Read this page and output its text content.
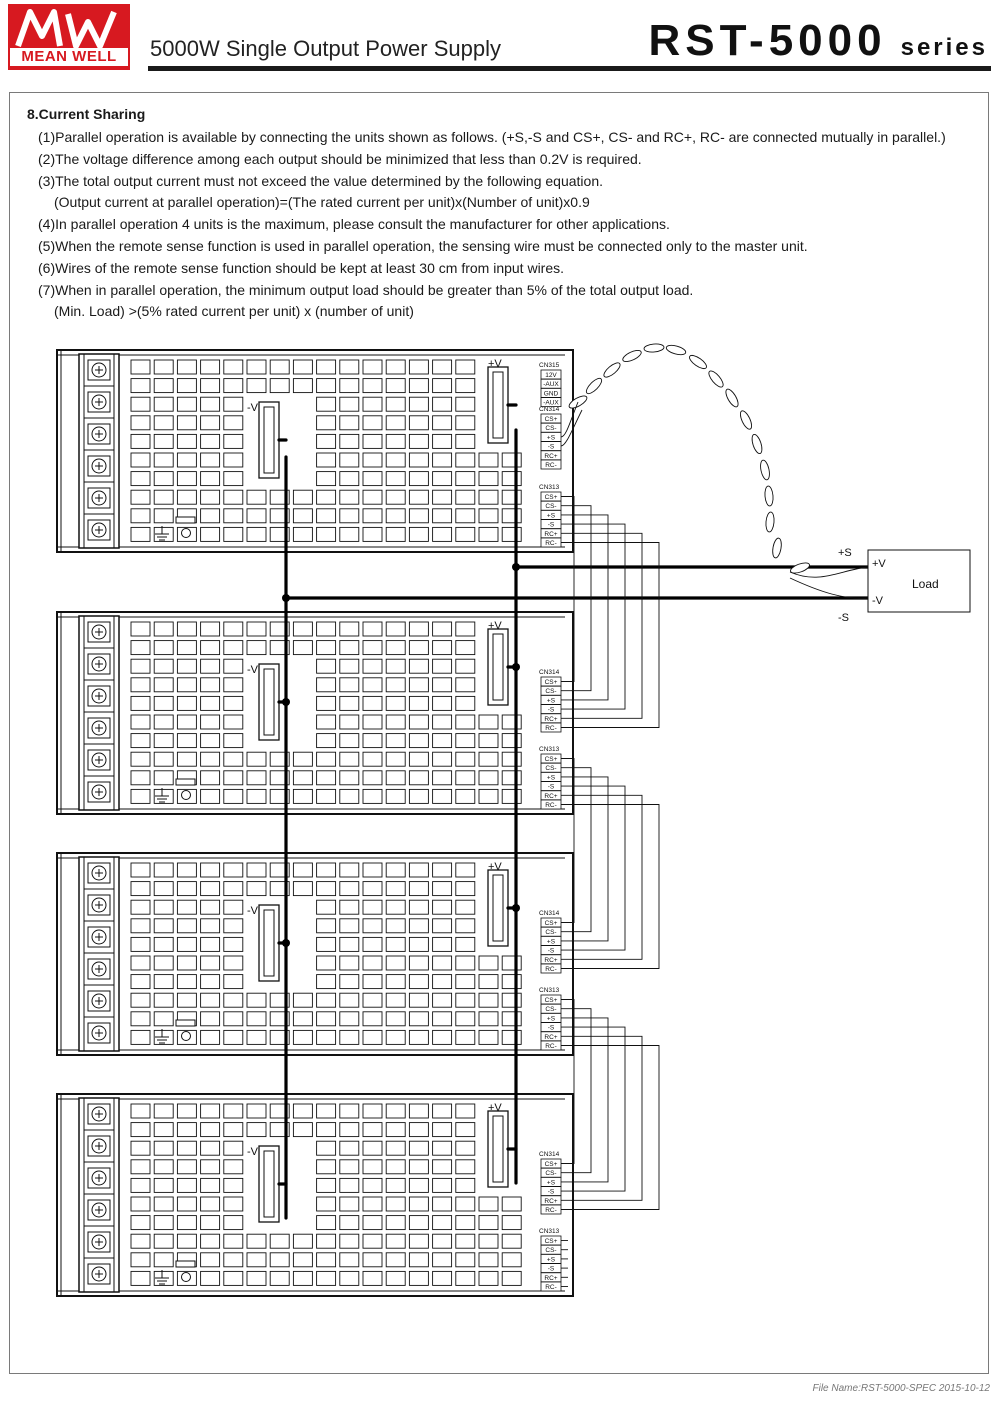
MEAN WELL	5000W Single Output Power Supply	RST-5000 series
8.Current Sharing
(1)Parallel operation is available by connecting the units shown as follows. (+S,-S and CS+, CS- and RC+, RC- are connected mutually in parallel.)
(2)The voltage difference among each output should be minimized that less than 0.2V is required.
(3)The total output current must not exceed the value determined by the following equation.
(Output current at parallel operation)=(The rated current per unit)x(Number of unit)x0.9
(4)In parallel operation 4 units is the maximum, please consult the manufacturer for other applications.
(5)When the remote sense function is used in parallel operation, the sensing wire must be connected only to the master unit.
(6)Wires of the remote sense function should be kept at least 30 cm from input wires.
(7)When in parallel operation, the minimum output load should be greater than 5% of the total output load.
(Min. Load) >(5% rated current per unit) x (number of unit)
-V
+V	CN315
12V
-AUX
GND
-AUX
CN314
CS+
CS-
+S
-S
RC+
RC-
CN313
CS+
CS-
+S
-S
RC+
RC-
-V
+V
CN314
CS+
CS-
+S
-S
RC+
RC-
CN313
CS+
CS-
+S
-S
RC+
RC-
-V
+V
CN314
CS+
CS-
+S
-S
RC+
RC-
CN313
CS+
CS-
+S
-S
RC+
RC-
-V
+V
CN314
CS+
CS-
+S
-S
RC+
RC-
CN313
CS+
CS-
+S
-S
RC+
RC-
Load
+V
-V
+S
-S
File Name:RST-5000-SPEC 2015-10-12
